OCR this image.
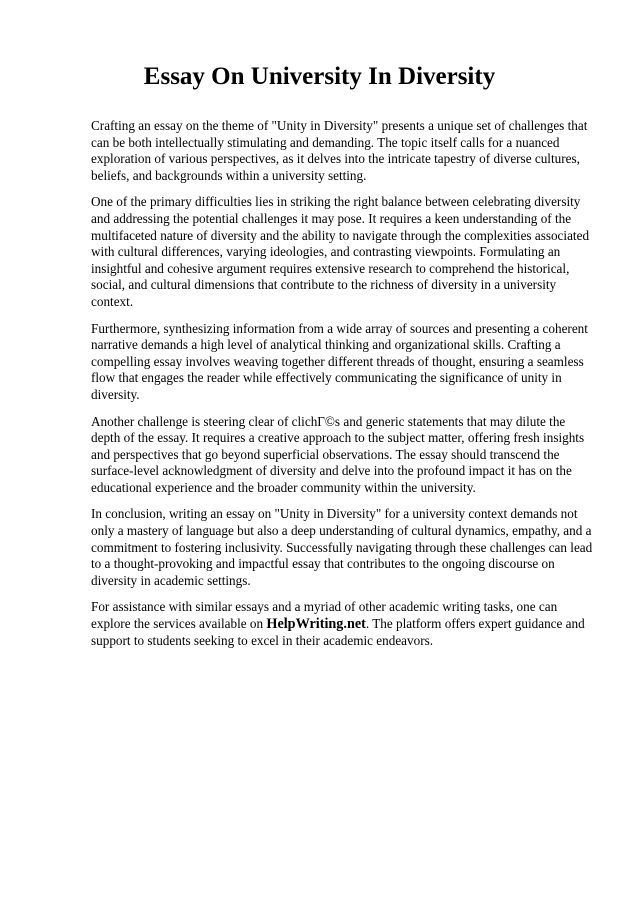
Essay On University In Diversity

Crafting an essay on the theme of "Unity in Diversity" presents a unique set of challenges that can be both intellectually stimulating and demanding. The topic itself calls for a nuanced exploration of various perspectives, as it delves into the intricate tapestry of diverse cultures, beliefs, and backgrounds within a university setting.

One of the primary difficulties lies in striking the right balance between celebrating diversity and addressing the potential challenges it may pose. It requires a keen understanding of the multifaceted nature of diversity and the ability to navigate through the complexities associated with cultural differences, varying ideologies, and contrasting viewpoints. Formulating an insightful and cohesive argument requires extensive research to comprehend the historical, social, and cultural dimensions that contribute to the richness of diversity in a university context.

Furthermore, synthesizing information from a wide array of sources and presenting a coherent narrative demands a high level of analytical thinking and organizational skills. Crafting a compelling essay involves weaving together different threads of thought, ensuring a seamless flow that engages the reader while effectively communicating the significance of unity in diversity.

Another challenge is steering clear of clichГ©s and generic statements that may dilute the depth of the essay. It requires a creative approach to the subject matter, offering fresh insights and perspectives that go beyond superficial observations. The essay should transcend the surface-level acknowledgment of diversity and delve into the profound impact it has on the educational experience and the broader community within the university.

In conclusion, writing an essay on "Unity in Diversity" for a university context demands not only a mastery of language but also a deep understanding of cultural dynamics, empathy, and a commitment to fostering inclusivity. Successfully navigating through these challenges can lead to a thought-provoking and impactful essay that contributes to the ongoing discourse on diversity in academic settings.

For assistance with similar essays and a myriad of other academic writing tasks, one can explore the services available on HelpWriting.net. The platform offers expert guidance and support to students seeking to excel in their academic endeavors.
